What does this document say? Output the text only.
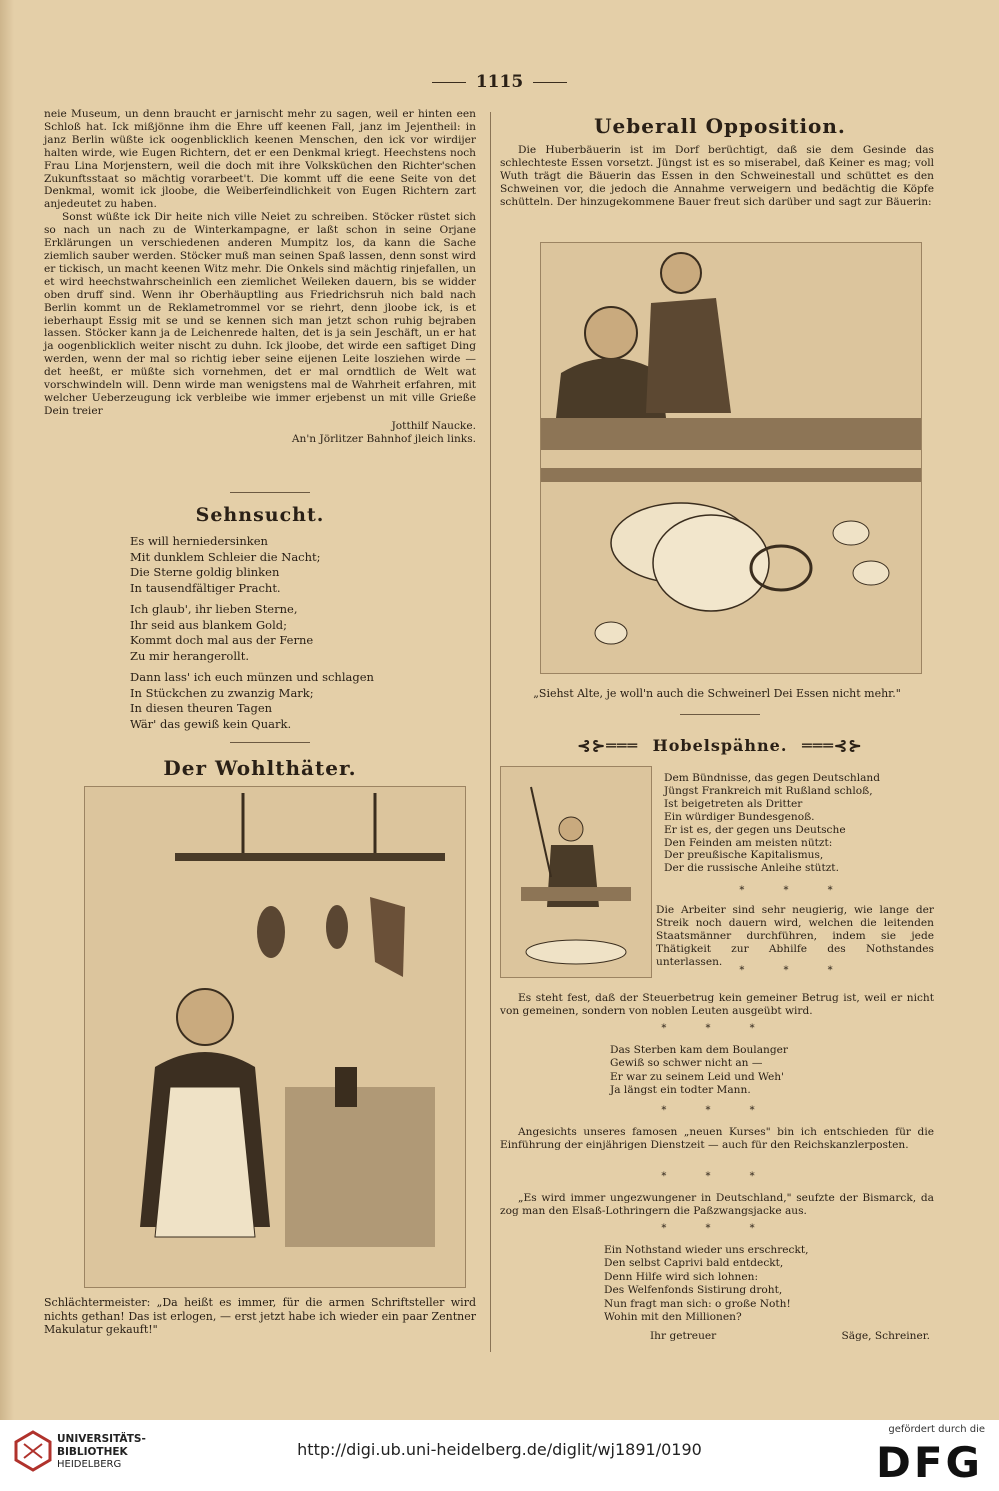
1115

neie Museum, un denn braucht er jarnischt mehr zu sagen, weil er hinten een Schloß hat. Ick mißjönne ihm die Ehre uff keenen Fall, janz im Jejentheil: in janz Berlin wüßte ick oogenblicklich keenen Menschen, den ick vor wirdijer halten wirde, wie Eugen Richtern, det er een Denkmal kriegt. Heechstens noch Frau Lina Morjenstern, weil die doch mit ihre Volksküchen den Richter'schen Zukunftsstaat so mächtig vorarbeet't. Die kommt uff die eene Seite von det Denkmal, womit ick jloobe, die Weiberfeindlichkeit von Eugen Richtern zart anjedeutet zu haben.

Sonst wüßte ick Dir heite nich ville Neiet zu schreiben. Stöcker rüstet sich so nach un nach zu de Winterkampagne, er laßt schon in seine Orjane Erklärungen un verschiedenen anderen Mumpitz los, da kann die Sache ziemlich sauber werden. Stöcker muß man seinen Spaß lassen, denn sonst wird er tickisch, un macht keenen Witz mehr. Die Onkels sind mächtig rinjefallen, un et wird heechstwahrscheinlich een ziemlichet Weileken dauern, bis se widder oben druff sind. Wenn ihr Oberhäuptling aus Friedrichsruh nich bald nach Berlin kommt un de Reklametrommel vor se riehrt, denn jloobe ick, is et ieberhaupt Essig mit se und se kennen sich man jetzt schon ruhig bejraben lassen. Stöcker kann ja de Leichenrede halten, det is ja sein Jeschäft, un er hat ja oogenblicklich weiter nischt zu duhn. Ick jloobe, det wirde een saftiget Ding werden, wenn der mal so richtig ieber seine eijenen Leite losziehen wirde — det heeßt, er müßte sich vornehmen, det er mal orndtlich de Welt wat vorschwindeln will. Denn wirde man wenigstens mal de Wahrheit erfahren, mit welcher Ueberzeugung ick verbleibe wie immer erjebenst un mit ville Grieße Dein treier

Jotthilf Naucke.
An'n Jörlitzer Bahnhof jleich links.
Sehnsucht.
Es will herniedersinken
Mit dunklem Schleier die Nacht;
Die Sterne goldig blinken
In tausendfältiger Pracht.
Ich glaub', ihr lieben Sterne,
Ihr seid aus blankem Gold;
Kommt doch mal aus der Ferne
Zu mir herangerollt.
Dann lass' ich euch münzen und schlagen
In Stückchen zu zwanzig Mark;
In diesen theuren Tagen
Wär' das gewiß kein Quark.
Der Wohlthäter.

Schlächtermeister: „Da heißt es immer, für die armen Schriftsteller wird nichts gethan! Das ist erlogen, — erst jetzt habe ich wieder ein paar Zentner Makulatur gekauft!"

Ueberall Opposition.

Die Huberbäuerin ist im Dorf berüchtigt, daß sie dem Gesinde das schlechteste Essen vorsetzt. Jüngst ist es so miserabel, daß Keiner es mag; voll Wuth trägt die Bäuerin das Essen in den Schweinestall und schüttet es den Schweinen vor, die jedoch die Annahme verweigern und bedächtig die Köpfe schütteln. Der hinzugekommene Bauer freut sich darüber und sagt zur Bäuerin:

„Siehst Alte, je woll'n auch die Schweinerl Dei Essen nicht mehr."
⊰⊱═══ Hobelspähne. ═══⊰⊱
Dem Bündnisse, das gegen Deutschland
Jüngst Frankreich mit Rußland schloß,
Ist beigetreten als Dritter
Ein würdiger Bundesgenoß.
Er ist es, der gegen uns Deutsche
Den Feinden am meisten nützt:
Der preußische Kapitalismus,
Der die russische Anleihe stützt.
* * *

Die Arbeiter sind sehr neugierig, wie lange der Streik noch dauern wird, welchen die leitenden Staatsmänner durchführen, indem sie jede Thätigkeit zur Abhilfe des Nothstandes unterlassen.

* * *

Es steht fest, daß der Steuerbetrug kein gemeiner Betrug ist, weil er nicht von gemeinen, sondern von noblen Leuten ausgeübt wird.

* * *
Das Sterben kam dem Boulanger
Gewiß so schwer nicht an —
Er war zu seinem Leid und Weh'
Ja längst ein todter Mann.
* * *

Angesichts unseres famosen „neuen Kurses" bin ich entschieden für die Einführung der einjährigen Dienstzeit — auch für den Reichskanzlerposten.

* * *

„Es wird immer ungezwungener in Deutschland," seufzte der Bismarck, da zog man den Elsaß-Lothringern die Paßzwangsjacke aus.

* * *
Ein Nothstand wieder uns erschreckt,
Den selbst Caprivi bald entdeckt,
Denn Hilfe wird sich lohnen:
Des Welfenfonds Sistirung droht,
Nun fragt man sich: o große Noth!
Wohin mit den Millionen?
Ihr getreuer	Säge, Schreiner.
UNIVERSITÄTS-
BIBLIOTHEK
HEIDELBERG
http://digi.ub.uni-heidelberg.de/diglit/wj1891/0190
gefördert durch die
DFG
